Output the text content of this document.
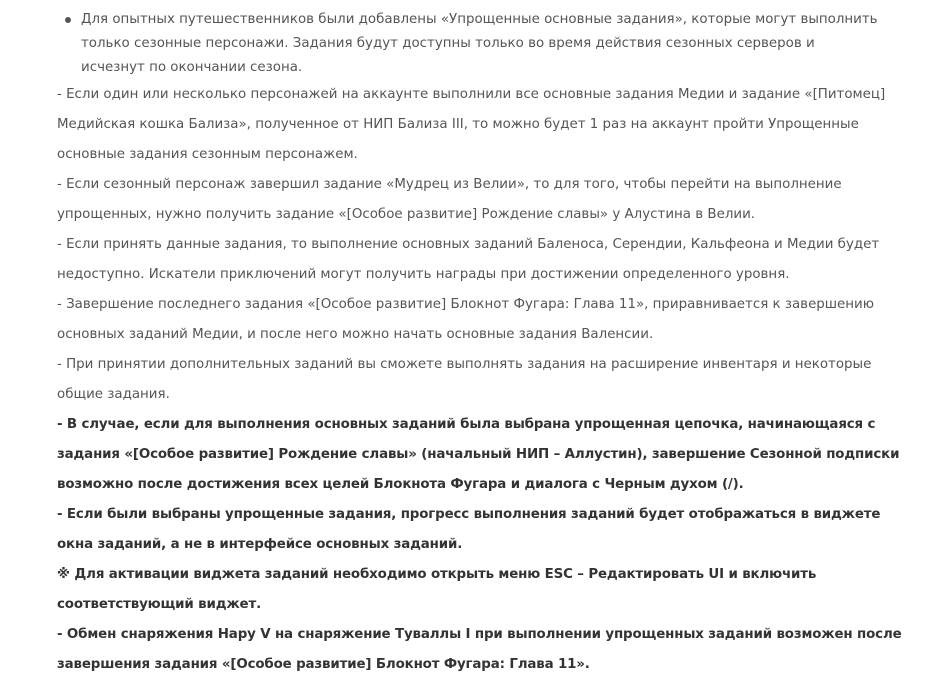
Для опытных путешественников были добавлены «Упрощенные основные задания», которые могут выполнить только сезонные персонажи. Задания будут доступны только во время действия сезонных серверов и исчезнут по окончании сезона.

- Если один или несколько персонажей на аккаунте выполнили все основные задания Медии и задание «[Питомец] Медийская кошка Бализа», полученное от НИП Бализа III, то можно будет 1 раз на аккаунт пройти Упрощенные основные задания сезонным персонажем.

- Если сезонный персонаж завершил задание «Мудрец из Велии», то для того, чтобы перейти на выполнение упрощенных, нужно получить задание «[Особое развитие] Рождение славы» у Алустина в Велии.

- Если принять данные задания, то выполнение основных заданий Баленоса, Серендии, Кальфеона и Медии будет недоступно. Искатели приключений могут получить награды при достижении определенного уровня.

- Завершение последнего задания «[Особое развитие] Блокнот Фугара: Глава 11», приравнивается к завершению основных заданий Медии, и после него можно начать основные задания Валенсии.

- При принятии дополнительных заданий вы сможете выполнять задания на расширение инвентаря и некоторые общие задания.

- В случае, если для выполнения основных заданий была выбрана упрощенная цепочка, начинающаяся с задания «[Особое развитие] Рождение славы» (начальный НИП – Аллустин), завершение Сезонной подписки возможно после достижения всех целей Блокнота Фугара и диалога с Черным духом (/).

- Если были выбраны упрощенные задания, прогресс выполнения заданий будет отображаться в виджете окна заданий, а не в интерфейсе основных заданий.

※ Для активации виджета заданий необходимо открыть меню ESC – Редактировать UI и включить соответствующий виджет.

- Обмен снаряжения Нару V на снаряжение Туваллы I при выполнении упрощенных заданий возможен после завершения задания «[Особое развитие] Блокнот Фугара: Глава 11».
